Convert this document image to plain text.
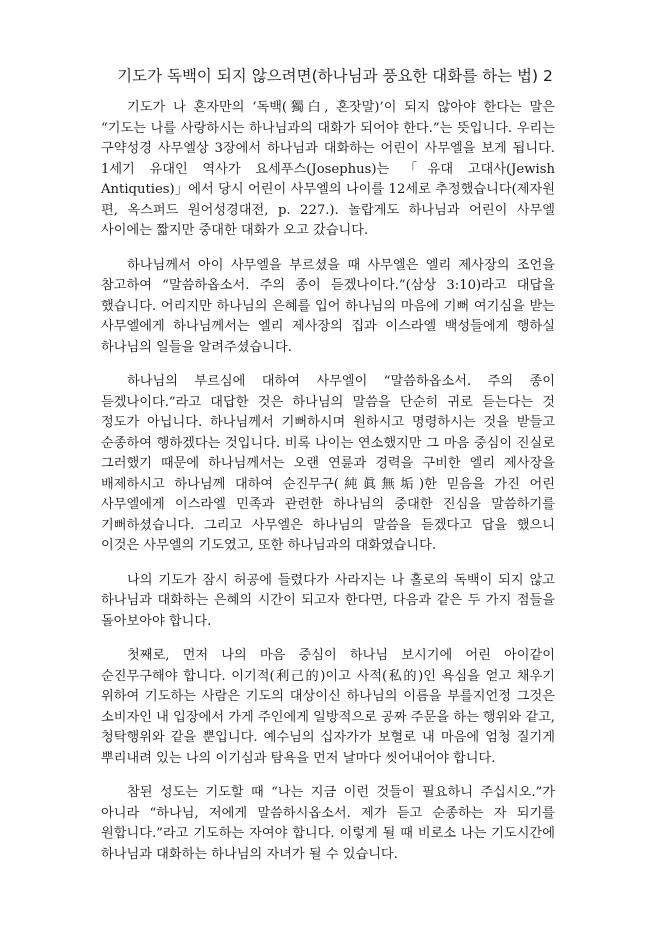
기도가 독백이 되지 않으려면(하나님과 풍요한 대화를 하는 법) 2

기도가 나 혼자만의 ‘독백(獨白, 혼잣말)’이 되지 않아야 한다는 말은 “기도는 나를 사랑하시는 하나님과의 대화가 되어야 한다.”는 뜻입니다. 우리는 구약성경 사무엘상 3장에서 하나님과 대화하는 어린이 사무엘을 보게 됩니다. 1세기 유대인 역사가 요세푸스(Josephus)는 「유대 고대사(Jewish Antiquties)」에서 당시 어린이 사무엘의 나이를 12세로 추정했습니다(제자원 편, 옥스퍼드 원어성경대전, p. 227.). 놀랍게도 하나님과 어린이 사무엘 사이에는 짧지만 중대한 대화가 오고 갔습니다.

하나님께서 아이 사무엘을 부르셨을 때 사무엘은 엘리 제사장의 조언을 참고하여 “말씀하옵소서. 주의 종이 듣겠나이다.”(삼상 3:10)라고 대답을 했습니다. 어리지만 하나님의 은혜를 입어 하나님의 마음에 기뻐 여기심을 받는 사무엘에게 하나님께서는 엘리 제사장의 집과 이스라엘 백성들에게 행하실 하나님의 일들을 알려주셨습니다.

하나님의 부르심에 대하여 사무엘이 “말씀하옵소서. 주의 종이 듣겠나이다.”라고 대답한 것은 하나님의 말씀을 단순히 귀로 듣는다는 것 정도가 아닙니다. 하나님께서 기뻐하시며 원하시고 명령하시는 것을 받들고 순종하여 행하겠다는 것입니다. 비록 나이는 연소했지만 그 마음 중심이 진실로 그러했기 때문에 하나님께서는 오랜 연륜과 경력을 구비한 엘리 제사장을 배제하시고 하나님께 대하여 순진무구(純眞無垢)한 믿음을 가진 어린 사무엘에게 이스라엘 민족과 관련한 하나님의 중대한 진심을 말씀하기를 기뻐하셨습니다. 그리고 사무엘은 하나님의 말씀을 듣겠다고 답을 했으니 이것은 사무엘의 기도였고, 또한 하나님과의 대화였습니다.

나의 기도가 잠시 허공에 들렸다가 사라지는 나 홀로의 독백이 되지 않고 하나님과 대화하는 은혜의 시간이 되고자 한다면, 다음과 같은 두 가지 점들을 돌아보아야 합니다.

첫째로, 먼저 나의 마음 중심이 하나님 보시기에 어린 아이같이 순진무구해야 합니다. 이기적(利己的)이고 사적(私的)인 욕심을 얻고 채우기 위하여 기도하는 사람은 기도의 대상이신 하나님의 이름을 부를지언정 그것은 소비자인 내 입장에서 가게 주인에게 일방적으로 공짜 주문을 하는 행위와 같고, 청탁행위와 같을 뿐입니다. 예수님의 십자가가 보혈로 내 마음에 엄청 질기게 뿌리내려 있는 나의 이기심과 탐욕을 먼저 날마다 씻어내어야 합니다.

참된 성도는 기도할 때 “나는 지금 이런 것들이 필요하니 주십시오.”가 아니라 “하나님, 저에게 말씀하시옵소서. 제가 듣고 순종하는 자 되기를 원합니다.”라고 기도하는 자여야 합니다. 이렇게 될 때 비로소 나는 기도시간에 하나님과 대화하는 하나님의 자녀가 될 수 있습니다.
